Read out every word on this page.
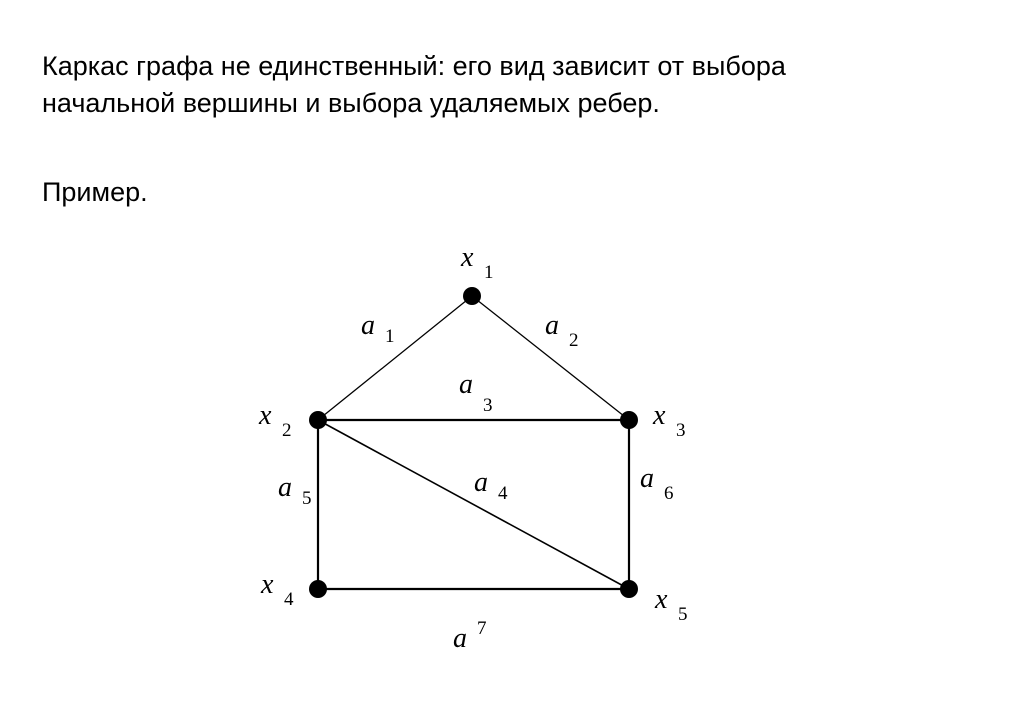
Каркас графа не единственный: его вид зависит от выбора

начальной вершины и выбора удаляемых ребер.

Пример.

a 1	a 2
a
3
a 4
a 5
a 6
a 7
x 1
x 2	x 3
x 4	x 5
